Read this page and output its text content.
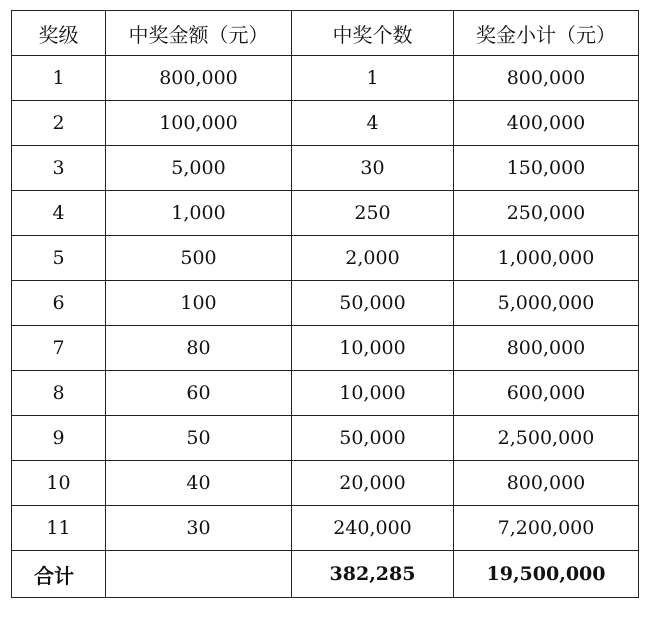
奖级	中奖金额（元）	中奖个数	奖金小计（元）
1	800,000	1	800,000
2	100,000	4	400,000
3	5,000	30	150,000
4	1,000	250	250,000
5	500	2,000	1,000,000
6	100	50,000	5,000,000
7	80	10,000	800,000
8	60	10,000	600,000
9	50	50,000	2,500,000
10	40	20,000	800,000
11	30	240,000	7,200,000
合计		382,285	19,500,000
